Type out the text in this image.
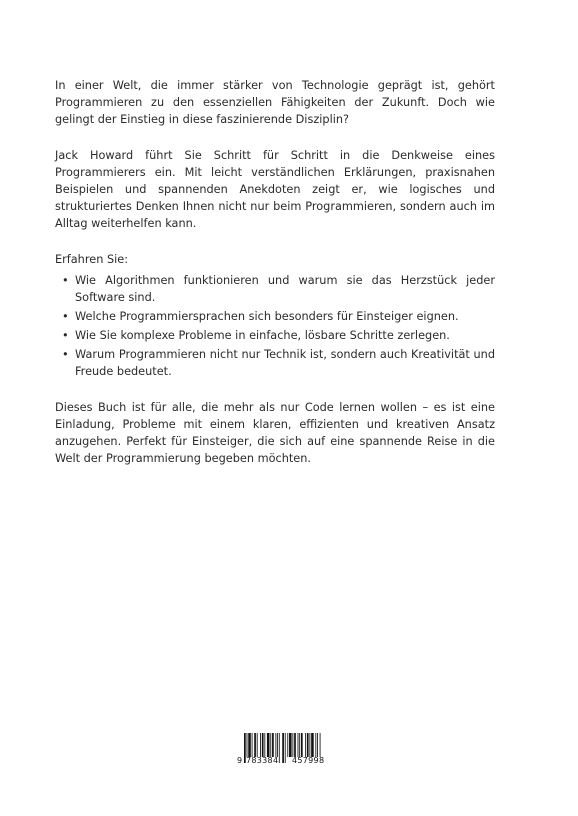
In einer Welt, die immer stärker von Technologie geprägt ist, gehört Programmieren zu den essenziellen Fähigkeiten der Zukunft. Doch wie gelingt der Einstieg in diese faszinierende Disziplin?

Jack Howard führt Sie Schritt für Schritt in die Denkweise eines Programmierers ein. Mit leicht verständlichen Erklärungen, praxisnahen Beispielen und spannenden Anekdoten zeigt er, wie logisches und strukturiertes Denken Ihnen nicht nur beim Programmieren, sondern auch im Alltag weiterhelfen kann.

Erfahren Sie:

• Wie Algorithmen funktionieren und warum sie das Herzstück jeder Software sind.
• Welche Programmiersprachen sich besonders für Einsteiger eignen.
• Wie Sie komplexe Probleme in einfache, lösbare Schritte zerlegen.
• Warum Programmieren nicht nur Technik ist, sondern auch Kreativität und Freude bedeutet.

Dieses Buch ist für alle, die mehr als nur Code lernen wollen – es ist eine Einladung, Probleme mit einem klaren, effizienten und kreativen Ansatz anzugehen. Perfekt für Einsteiger, die sich auf eine spannende Reise in die Welt der Programmierung begeben möchten.

9 783384 457998
